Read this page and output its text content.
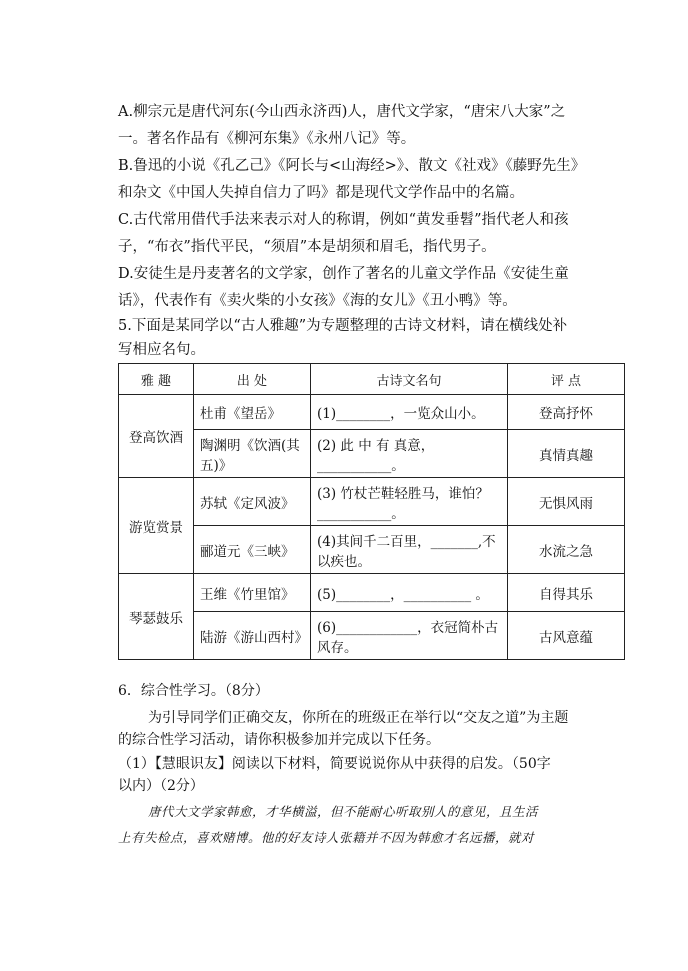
A.柳宗元是唐代河东(今山西永济西)人，唐代文学家，“唐宋八大家”之
一。著名作品有《柳河东集》《永州八记》等。
B.鲁迅的小说《孔乙己》《阿长与<山海经>》、散文《社戏》《藤野先生》
和杂文《中国人失掉自信力了吗》都是现代文学作品中的名篇。
C.古代常用借代手法来表示对人的称谓，例如“黄发垂髫”指代老人和孩
子，“布衣”指代平民，“须眉”本是胡须和眉毛，指代男子。
D.安徒生是丹麦著名的文学家，创作了著名的儿童文学作品《安徒生童
话》，代表作有《卖火柴的小女孩》《海的女儿》《丑小鸭》等。
5.下面是某同学以“古人雅趣”为专题整理的古诗文材料，请在横线处补
写相应名句。
雅 趣	出 处	古诗文名句	评 点
登高饮酒	杜甫《望岳》	(1)________，一览众山小。	登高抒怀
	陶渊明《饮酒(其五)》	(2) 此 中 有 真意，___________。	真情真趣
游览赏景	苏轼《定风波》	(3) 竹杖芒鞋轻胜马，谁怕？___________。	无惧风雨
	郦道元《三峡》	(4)其间千二百里，_______,不以疾也。	水流之急
琴瑟鼓乐	王维《竹里馆》	(5)________，__________ 。	自得其乐
	陆游《游山西村》	(6)____________，衣冠简朴古风存。	古风意蕴
6．综合性学习。（8分）
为引导同学们正确交友，你所在的班级正在举行以“交友之道”为主题
的综合性学习活动，请你积极参加并完成以下任务。
（1）【慧眼识友】阅读以下材料，简要说说你从中获得的启发。（50字
以内）（2分）
唐代大文学家韩愈，才华横溢，但不能耐心听取别人的意见，且生活
上有失检点，喜欢赌博。他的好友诗人张籍并不因为韩愈才名远播，就对
